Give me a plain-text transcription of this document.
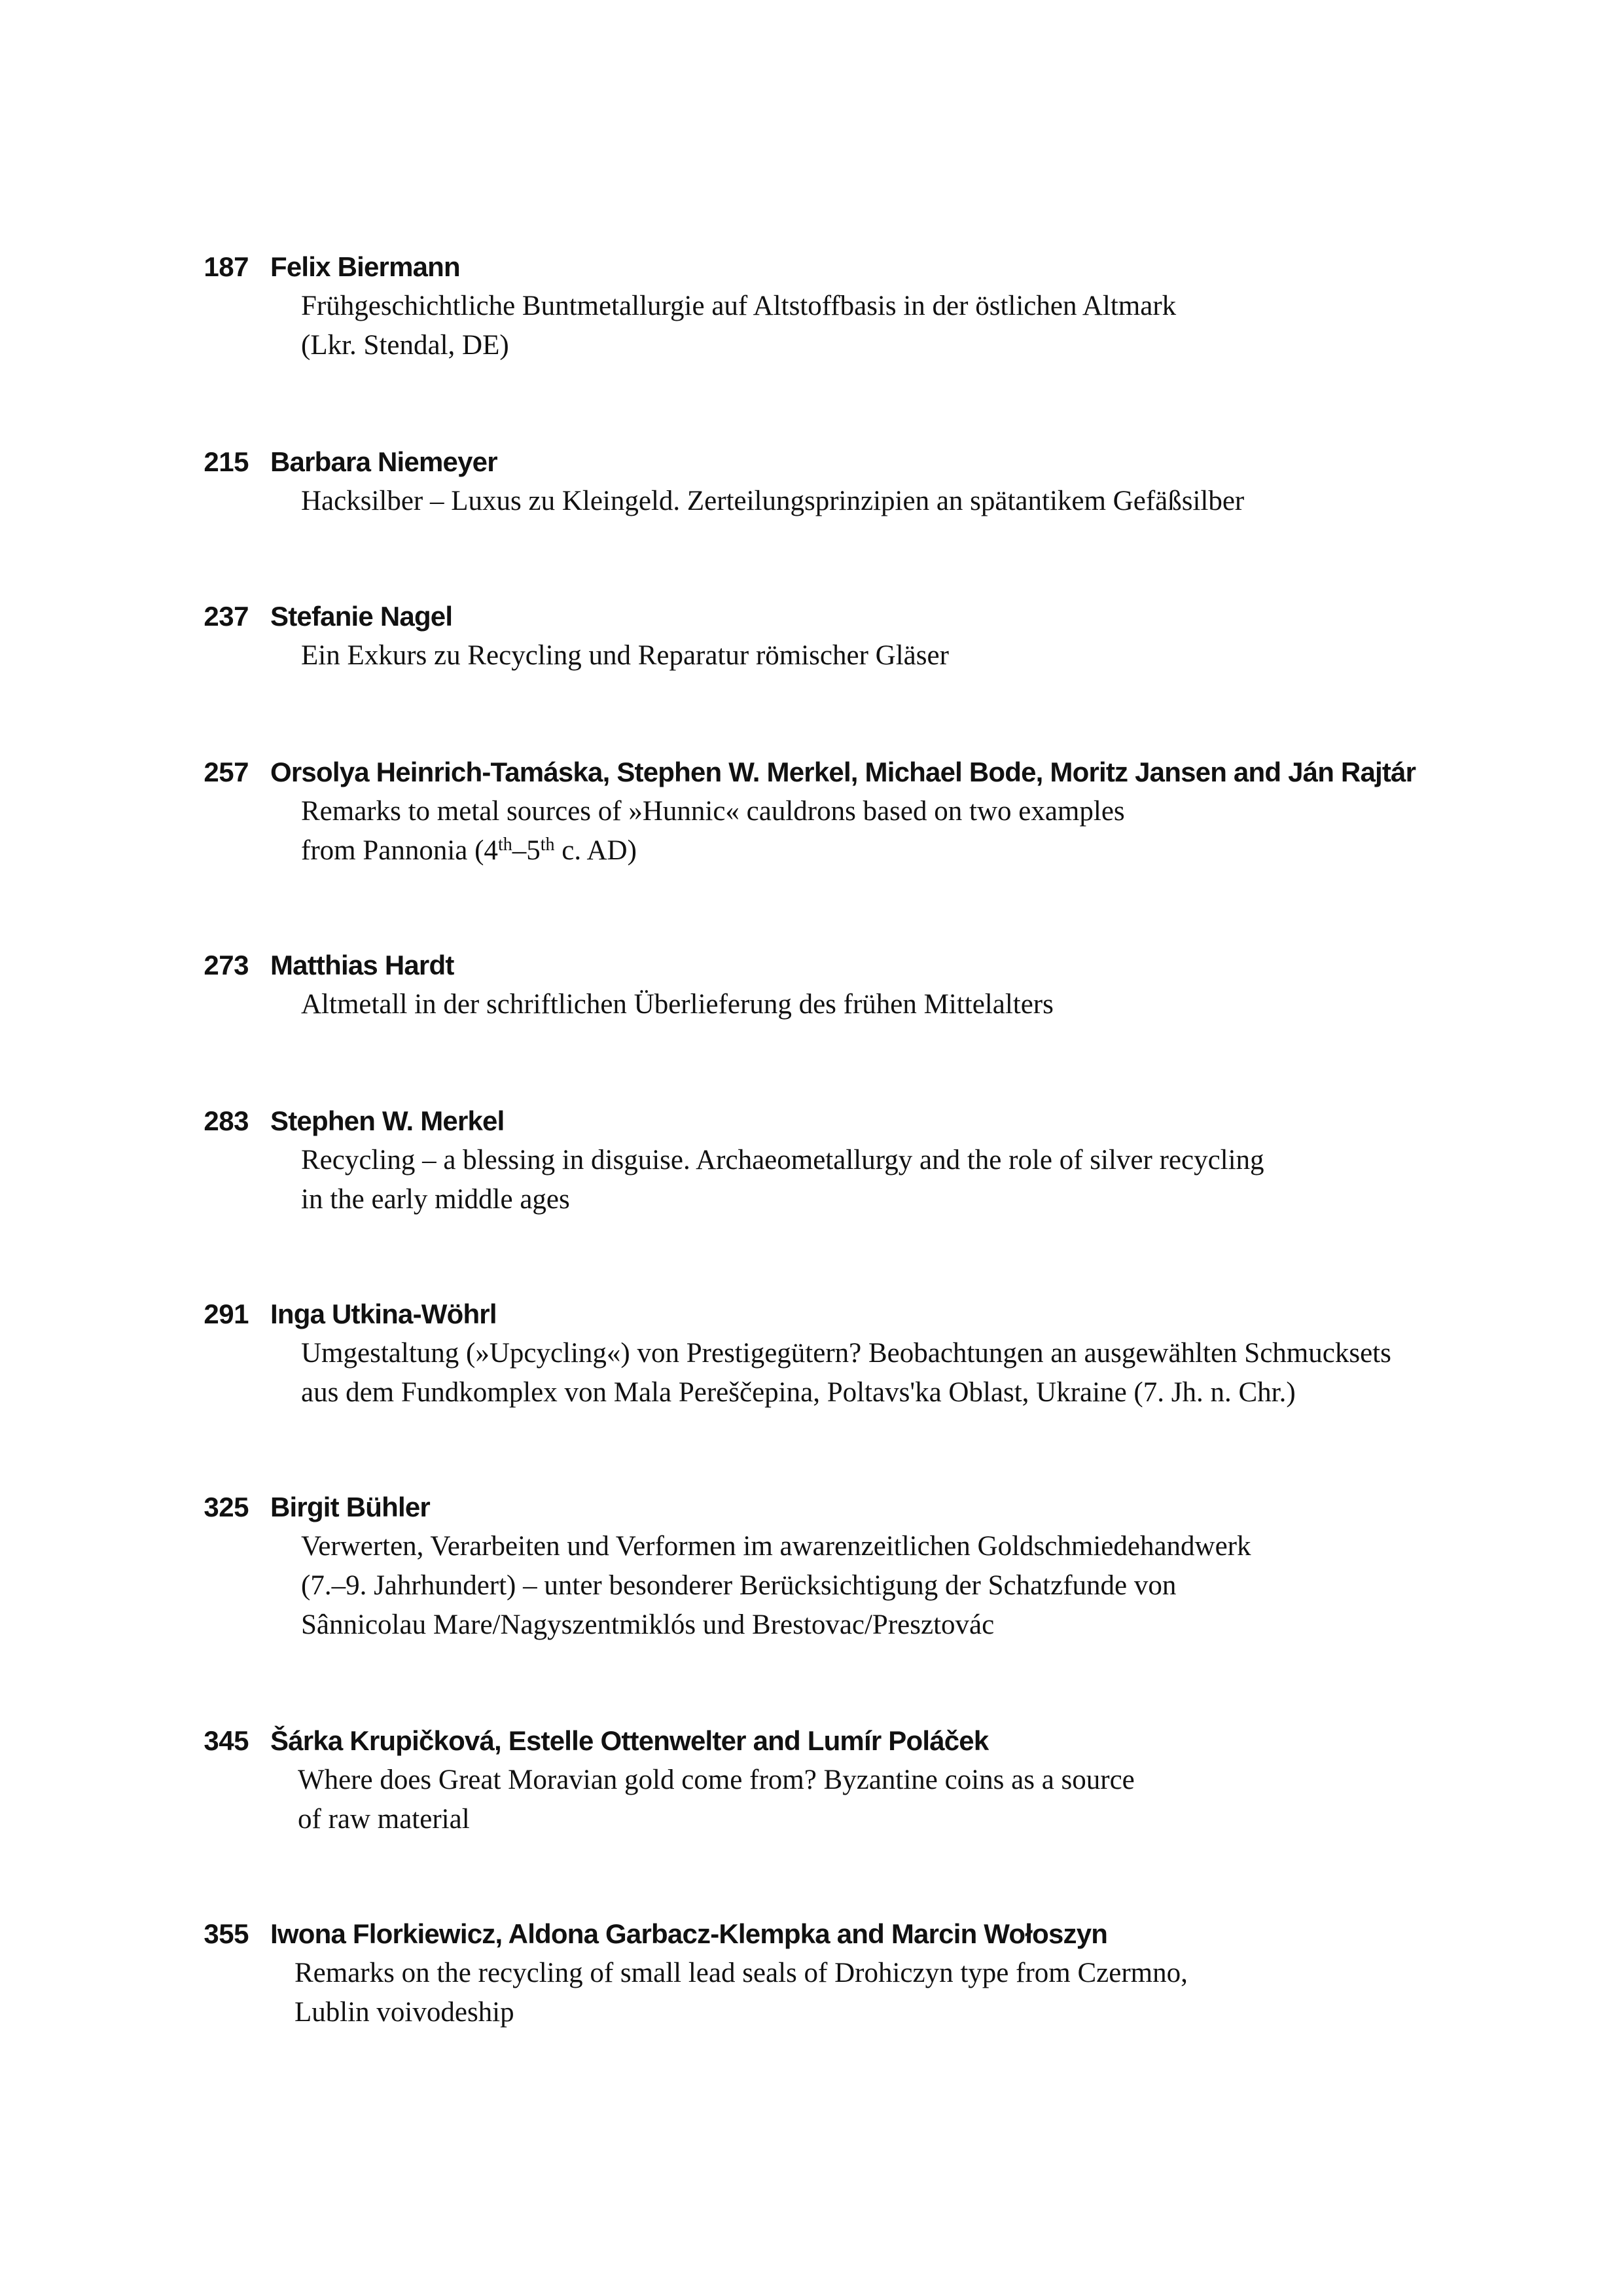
187 Felix Biermann
Frühgeschichtliche Buntmetallurgie auf Altstoffbasis in der östlichen Altmark
(Lkr. Stendal, DE)
215 Barbara Niemeyer
Hacksilber – Luxus zu Kleingeld. Zerteilungsprinzipien an spätantikem Gefäßsilber
237 Stefanie Nagel
Ein Exkurs zu Recycling und Reparatur römischer Gläser
257 Orsolya Heinrich-Tamáska, Stephen W. Merkel, Michael Bode, Moritz Jansen and Ján Rajtár
Remarks to metal sources of »Hunnic« cauldrons based on two examples
from Pannonia (4th–5th c. AD)
273 Matthias Hardt
Altmetall in der schriftlichen Überlieferung des frühen Mittelalters
283 Stephen W. Merkel
Recycling – a blessing in disguise. Archaeometallurgy and the role of silver recycling
in the early middle ages
291 Inga Utkina-Wöhrl
Umgestaltung (»Upcycling«) von Prestigegütern? Beobachtungen an ausgewählten Schmucksets
aus dem Fundkomplex von Mala Pereščepina, Poltavs'ka Oblast, Ukraine (7. Jh. n. Chr.)
325 Birgit Bühler
Verwerten, Verarbeiten und Verformen im awarenzeitlichen Goldschmiedehandwerk
(7.–9. Jahrhundert) – unter besonderer Berücksichtigung der Schatzfunde von
Sânnicolau Mare/Nagyszentmiklós und Brestovac/Presztovác
345 Šárka Krupičková, Estelle Ottenwelter and Lumír Poláček
Where does Great Moravian gold come from? Byzantine coins as a source
of raw material
355 Iwona Florkiewicz, Aldona Garbacz-Klempka and Marcin Wołoszyn
Remarks on the recycling of small lead seals of Drohiczyn type from Czermno,
Lublin voivodeship
